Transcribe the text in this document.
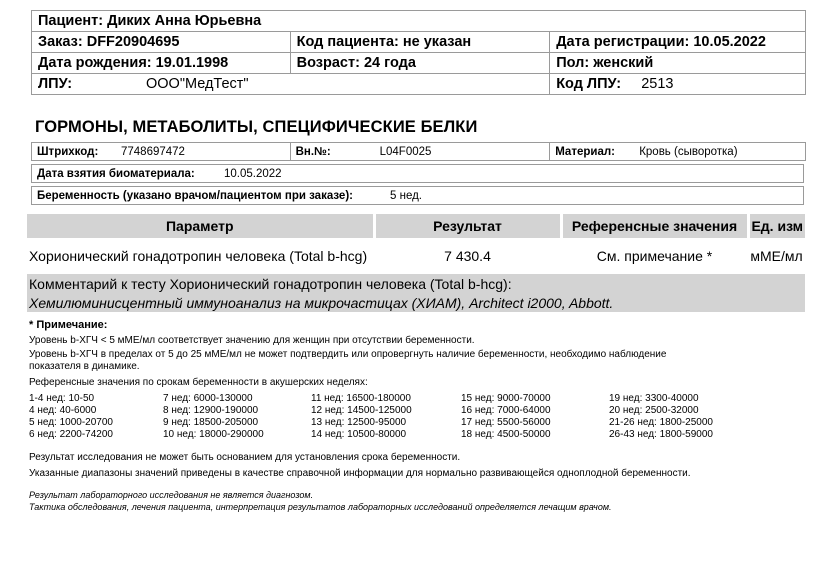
Пациент: Диких Анна Юрьевна		
Заказ: DFF20904695	Код пациента: не указан	Дата регистрации: 10.05.2022
Дата рождения: 19.01.1998	Возраст: 24 года	Пол: женский
ЛПУ: ООО"МедТест"		Код ЛПУ: 2513
ГОРМОНЫ, МЕТАБОЛИТЫ, СПЕЦИФИЧЕСКИЕ БЕЛКИ
Штрихкод: 7748697472	Вн.№:	L04F0025	Материал: Кровь (сыворотка)
Дата взятия биоматериала:	10.05.2022
Беременность (указано врачом/пациентом при заказе):	5 нед.
Параметр	Результат	Референсные значения	Ед. изм
Хорионический гонадотропин человека (Total b-hcg)	7 430.4	См. примечание *	мМЕ/мл
Комментарий к тесту Хорионический гонадотропин человека (Total b-hcg):			
Хемилюминисцентный иммуноанализ на микрочастицах (ХИАМ), Architect i2000, Abbott.			
* Примечание:
Уровень b-ХГЧ < 5 мМЕ/мл соответствует значению для женщин при отсутствии беременности.
Уровень b-ХГЧ в пределах от 5 до 25 мМЕ/мл не может подтвердить или опровергнуть наличие беременности, необходимо наблюдение
показателя в динамике.
Референсные значения по срокам беременности в акушерских неделях:
1-4 нед: 10-50	7 нед: 6000-130000	11 нед: 16500-180000	15 нед: 9000-70000	19 нед: 3300-40000
4 нед: 40-6000	8 нед: 12900-190000	12 нед: 14500-125000	16 нед: 7000-64000	20 нед: 2500-32000
5 нед: 1000-20700	9 нед: 18500-205000	13 нед: 12500-95000	17 нед: 5500-56000	21-26 нед: 1800-25000
6 нед: 2200-74200	10 нед: 18000-290000	14 нед: 10500-80000	18 нед: 4500-50000	26-43 нед: 1800-59000
Результат исследования не может быть основанием для установления срока беременности.
Указанные диапазоны значений приведены в качестве справочной информации для нормально развивающейся одноплодной беременности.
Результат лабораторного исследования не является диагнозом.
Тактика обследования, лечения пациента, интерпретация результатов лабораторных исследований определяется лечащим врачом.
